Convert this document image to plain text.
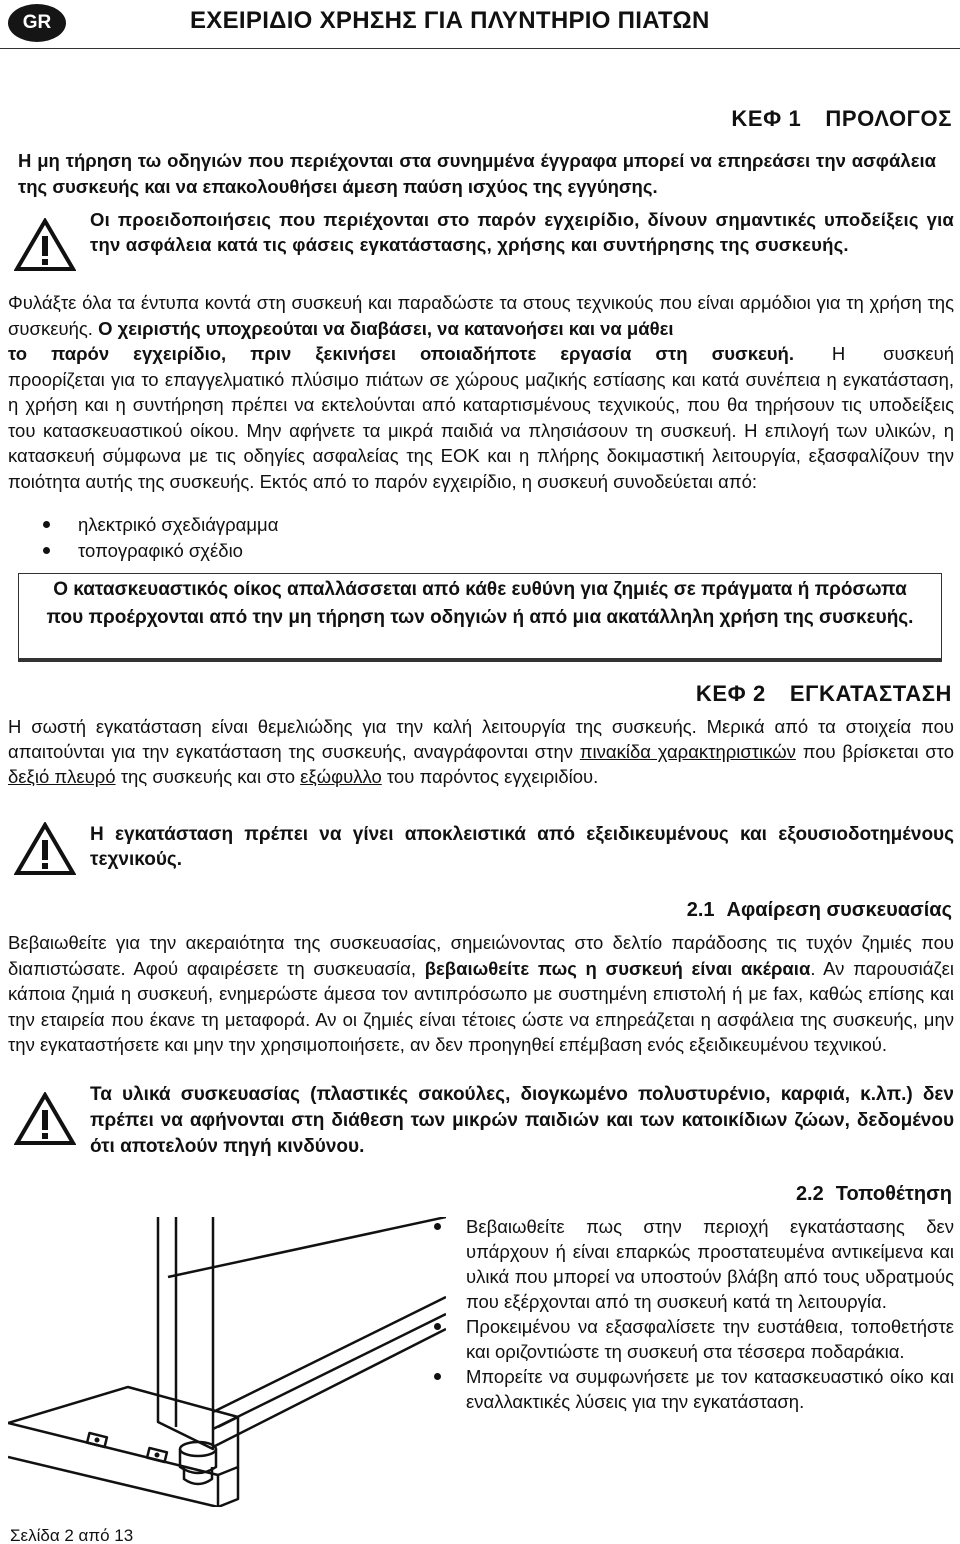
GR	ΕΧΕΙΡΙΔΙΟ ΧΡΗΣΗΣ ΓΙΑ ΠΛΥΝΤΗΡΙΟ ΠΙΑΤΩΝ
ΚΕΦ 1 ΠΡΟΛΟΓΟΣ
Η μη τήρηση τω οδηγιών που περιέχονται στα συνημμένα έγγραφα μπορεί να επηρεάσει την ασφάλεια της συσκευής και να επακολουθήσει άμεση παύση ισχύος της εγγύησης.
Οι προειδοποιήσεις που περιέχονται στο παρόν εγχειρίδιο, δίνουν σημαντικές υποδείξεις για την ασφάλεια κατά τις φάσεις εγκατάστασης, χρήσης και συντήρησης της συσκευής.
Φυλάξτε όλα τα έντυπα κοντά στη συσκευή και παραδώστε τα στους τεχνικούς που είναι αρμόδιοι για τη χρήση της συσκευής. Ο χειριστής υποχρεούται να διαβάσει, να κατανοήσει και να μάθει
το παρόν εγχειρίδιο, πριν ξεκινήσει οποιαδήποτε εργασία στη συσκευή. Η συσκευή προορίζεται για το επαγγελματικό πλύσιμο πιάτων σε χώρους μαζικής εστίασης και κατά συνέπεια η εγκατάσταση, η χρήση και η συντήρηση πρέπει να εκτελούνται από καταρτισμένους τεχνικούς, που θα τηρήσουν τις υποδείξεις του κατασκευαστικού οίκου. Μην αφήνετε τα μικρά παιδιά να πλησιάσουν τη συσκευή. Η επιλογή των υλικών, η κατασκευή σύμφωνα με τις οδηγίες ασφαλείας της ΕΟΚ και η πλήρης δοκιμαστική λειτουργία, εξασφαλίζουν την ποιότητα αυτής της συσκευής. Εκτός από το παρόν εγχειρίδιο, η συσκευή συνοδεύεται από:
ηλεκτρικό σχεδιάγραμμα
τοπογραφικό σχέδιο
Ο κατασκευαστικός οίκος απαλλάσσεται από κάθε ευθύνη για ζημιές σε πράγματα ή πρόσωπα που προέρχονται από την μη τήρηση των οδηγιών ή από μια ακατάλληλη χρήση της συσκευής.
ΚΕΦ 2 ΕΓΚΑΤΑΣΤΑΣΗ
Η σωστή εγκατάσταση είναι θεμελιώδης για την καλή λειτουργία της συσκευής. Μερικά από τα στοιχεία που απαιτούνται για την εγκατάσταση της συσκευής, αναγράφονται στην πινακίδα χαρακτηριστικών που βρίσκεται στο δεξιό πλευρό της συσκευής και στο εξώφυλλο του παρόντος εγχειριδίου.
Η εγκατάσταση πρέπει να γίνει αποκλειστικά από εξειδικευμένους και εξουσιοδοτημένους τεχνικούς.
2.1 Αφαίρεση συσκευασίας
Βεβαιωθείτε για την ακεραιότητα της συσκευασίας, σημειώνοντας στο δελτίο παράδοσης τις τυχόν ζημιές που διαπιστώσατε. Αφού αφαιρέσετε τη συσκευασία, βεβαιωθείτε πως η συσκευή είναι ακέραια. Αν παρουσιάζει κάποια ζημιά η συσκευή, ενημερώστε άμεσα τον αντιπρόσωπο με συστημένη επιστολή ή με fax, καθώς επίσης και την εταιρεία που έκανε τη μεταφορά. Αν οι ζημιές είναι τέτοιες ώστε να επηρεάζεται η ασφάλεια της συσκευής, μην την εγκαταστήσετε και μην την χρησιμοποιήσετε, αν δεν προηγηθεί επέμβαση ενός εξειδικευμένου τεχνικού.
Τα υλικά συσκευασίας (πλαστικές σακούλες, διογκωμένο πολυστυρένιο, καρφιά, κ.λπ.) δεν πρέπει να αφήνονται στη διάθεση των μικρών παιδιών και των κατοικίδιων ζώων, δεδομένου ότι αποτελούν πηγή κινδύνου.
2.2 Τοποθέτηση
Βεβαιωθείτε πως στην περιοχή εγκατάστασης δεν υπάρχουν ή είναι επαρκώς προστατευμένα αντικείμενα και υλικά που μπορεί να υποστούν βλάβη από τους υδρατμούς που εξέρχονται από τη συσκευή κατά τη λειτουργία.
Προκειμένου να εξασφαλίσετε την ευστάθεια, τοποθετήστε και οριζοντιώστε τη συσκευή στα τέσσερα ποδαράκια.
Μπορείτε να συμφωνήσετε με τον κατασκευαστικό οίκο και εναλλακτικές λύσεις για την εγκατάσταση.
Σελίδα 2 από 13
